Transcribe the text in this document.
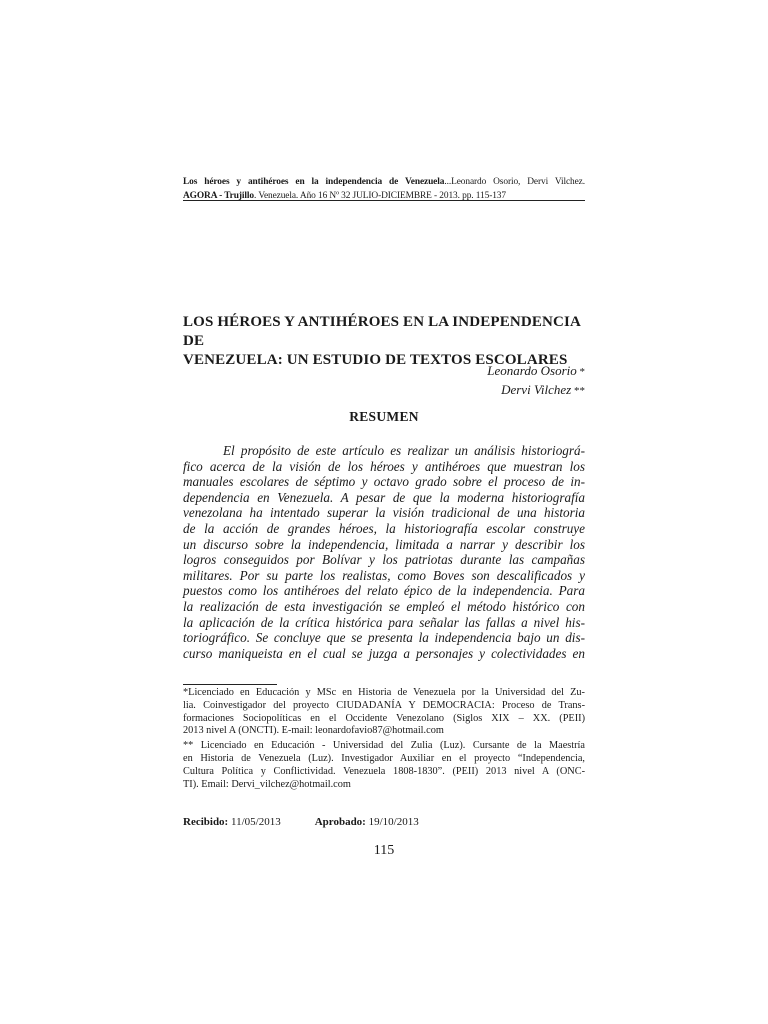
Los héroes y antihéroes en la independencia de Venezuela...Leonardo Osorio, Dervi Vilchez.
AGORA - Trujillo. Venezuela. Año 16 Nº 32 JULIO-DICIEMBRE - 2013. pp. 115-137
LOS HÉROES Y ANTIHÉROES EN LA INDEPENDENCIA DE
VENEZUELA: UN ESTUDIO DE TEXTOS ESCOLARES
Leonardo Osorio *
Dervi Vilchez **
RESUMEN

El propósito de este artículo es realizar un análisis historiográ-
fico acerca de la visión de los héroes y antihéroes que muestran los
manuales escolares de séptimo y octavo grado sobre el proceso de in-
dependencia en Venezuela. A pesar de que la moderna historiografía
venezolana ha intentado superar la visión tradicional de una historia
de la acción de grandes héroes, la historiografía escolar construye
un discurso sobre la independencia, limitada a narrar y describir los
logros conseguidos por Bolívar y los patriotas durante las campañas
militares. Por su parte los realistas, como Boves son descalificados y
puestos como los antihéroes del relato épico de la independencia. Para
la realización de esta investigación se empleó el método histórico con
la aplicación de la crítica histórica para señalar las fallas a nivel his-
toriográfico. Se concluye que se presenta la independencia bajo un dis-
curso maniqueista en el cual se juzga a personajes y colectividades en

*Licenciado en Educación y MSc en Historia de Venezuela por la Universidad del Zu-
lia. Coinvestigador del proyecto CIUDADANÍA Y DEMOCRACIA: Proceso de Trans-
formaciones Sociopolíticas en el Occidente Venezolano (Siglos XIX – XX. (PEII)
2013 nivel A (ONCTI). E-mail: leonardofavio87@hotmail.com
** Licenciado en Educación - Universidad del Zulia (Luz). Cursante de la Maestría
en Historia de Venezuela (Luz). Investigador Auxiliar en el proyecto “Independencia,
Cultura Política y Conflictividad. Venezuela 1808-1830”. (PEII) 2013 nivel A (ONC-
TI). Email: Dervi_vilchez@hotmail.com
Recibido: 11/05/2013	Aprobado: 19/10/2013
115
